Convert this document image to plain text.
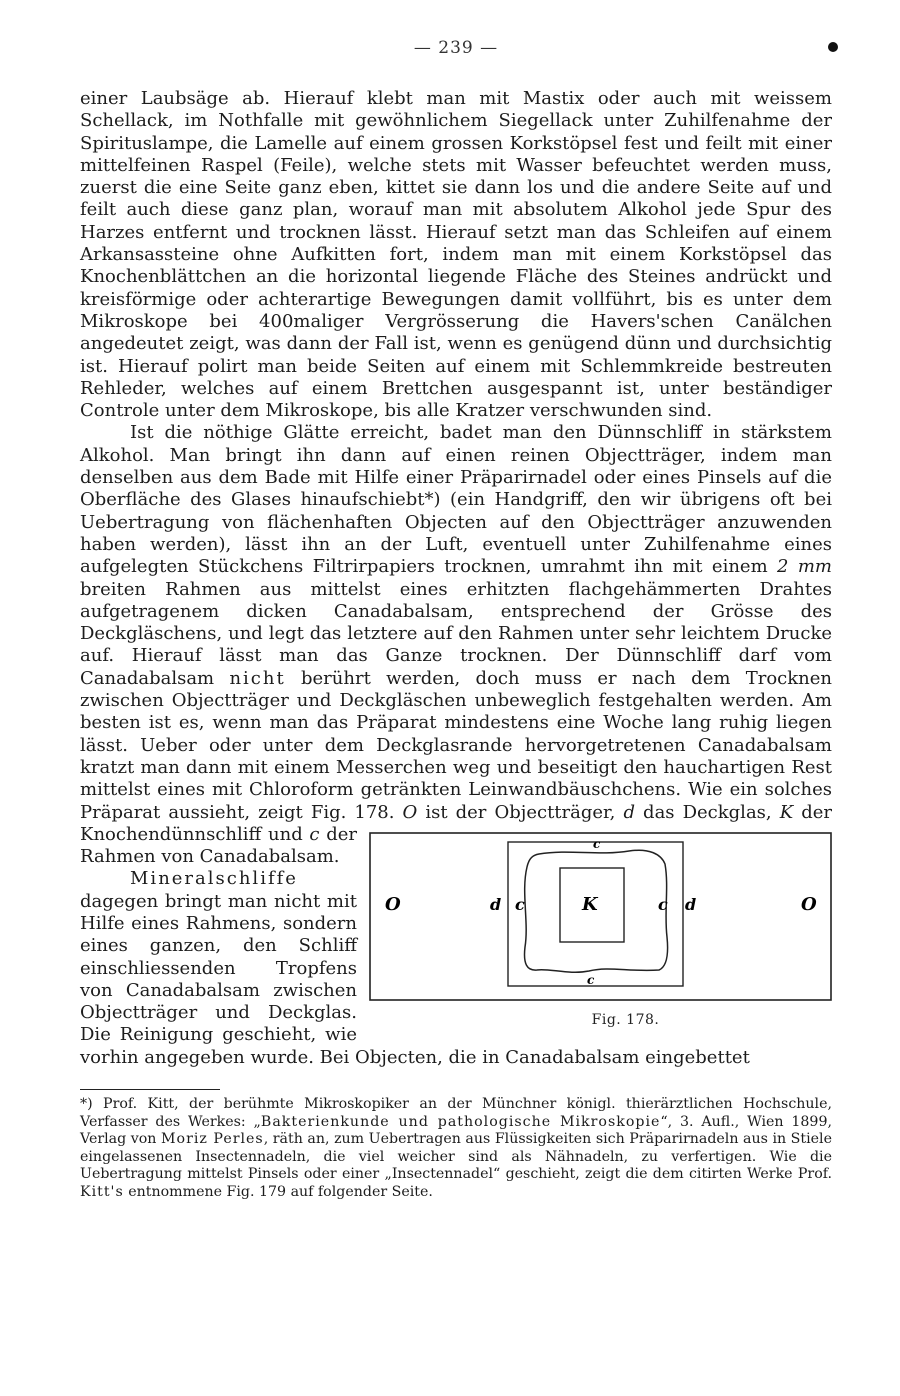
— 239 —

einer Laubsäge ab. Hierauf klebt man mit Mastix oder auch mit weissem Schellack, im Nothfalle mit gewöhnlichem Siegellack unter Zuhilfenahme der Spirituslampe, die Lamelle auf einem grossen Korkstöpsel fest und feilt mit einer mittelfeinen Raspel (Feile), welche stets mit Wasser befeuchtet werden muss, zuerst die eine Seite ganz eben, kittet sie dann los und die andere Seite auf und feilt auch diese ganz plan, worauf man mit absolutem Alkohol jede Spur des Harzes entfernt und trocknen lässt. Hierauf setzt man das Schleifen auf einem Arkansassteine ohne Aufkitten fort, indem man mit einem Korkstöpsel das Knochenblättchen an die horizontal liegende Fläche des Steines andrückt und kreisförmige oder achterartige Bewegungen damit vollführt, bis es unter dem Mikroskope bei 400maliger Vergrösserung die Havers'schen Canälchen angedeutet zeigt, was dann der Fall ist, wenn es genügend dünn und durchsichtig ist. Hierauf polirt man beide Seiten auf einem mit Schlemmkreide bestreuten Rehleder, welches auf einem Brettchen ausgespannt ist, unter beständiger Controle unter dem Mikroskope, bis alle Kratzer verschwunden sind.

Ist die nöthige Glätte erreicht, badet man den Dünnschliff in stärkstem Alkohol. Man bringt ihn dann auf einen reinen Objectträger, indem man denselben aus dem Bade mit Hilfe einer Präparirnadel oder eines Pinsels auf die Oberfläche des Glases hinaufschiebt*) (ein Handgriff, den wir übrigens oft bei Uebertragung von flächenhaften Objecten auf den Objectträger anzuwenden haben werden), lässt ihn an der Luft, eventuell unter Zuhilfenahme eines aufgelegten Stückchens Filtrirpapiers trocknen, umrahmt ihn mit einem 2 mm breiten Rahmen aus mittelst eines erhitzten flachgehämmerten Drahtes aufgetragenem dicken Canadabalsam, entsprechend der Grösse des Deckgläschens, und legt das letztere auf den Rahmen unter sehr leichtem Drucke auf. Hierauf lässt man das Ganze trocknen. Der Dünnschliff darf vom Canadabalsam nicht berührt werden, doch muss er nach dem Trocknen zwischen Objectträger und Deckgläschen unbeweglich festgehalten werden. Am besten ist es, wenn man das Präparat mindestens eine Woche lang ruhig liegen lässt. Ueber oder unter dem Deckglasrande hervorgetretenen Canadabalsam kratzt man dann mit einem Messerchen weg und beseitigt den hauchartigen Rest mittelst eines mit Chloroform getränkten Leinwandbäuschchens. Wie ein solches Präparat aussieht, zeigt Fig. 178.
O	O
d	d
c	c
c
c
K
Fig. 178.
O ist der Objectträger, d das Deckglas, K der Knochendünnschliff und c der Rahmen von Canadabalsam.

Mineralschliffe dagegen bringt man nicht mit Hilfe eines Rahmens, sondern eines ganzen, den Schliff einschliessenden Tropfens von Canadabalsam zwischen Objectträger und Deckglas. Die Reinigung geschieht, wie vorhin angegeben wurde. Bei Objecten, die in Canadabalsam eingebettet

*) Prof. Kitt, der berühmte Mikroskopiker an der Münchner königl. thierärztlichen Hochschule, Verfasser des Werkes: „Bakterienkunde und pathologische Mikroskopie“, 3. Aufl., Wien 1899, Verlag von Moriz Perles, räth an, zum Uebertragen aus Flüssigkeiten sich Präparirnadeln aus in Stiele eingelassenen Insectennadeln, die viel weicher sind als Nähnadeln, zu verfertigen. Wie die Uebertragung mittelst Pinsels oder einer „Insectennadel“ geschieht, zeigt die dem citirten Werke Prof. Kitt's entnommene Fig. 179 auf folgender Seite.
